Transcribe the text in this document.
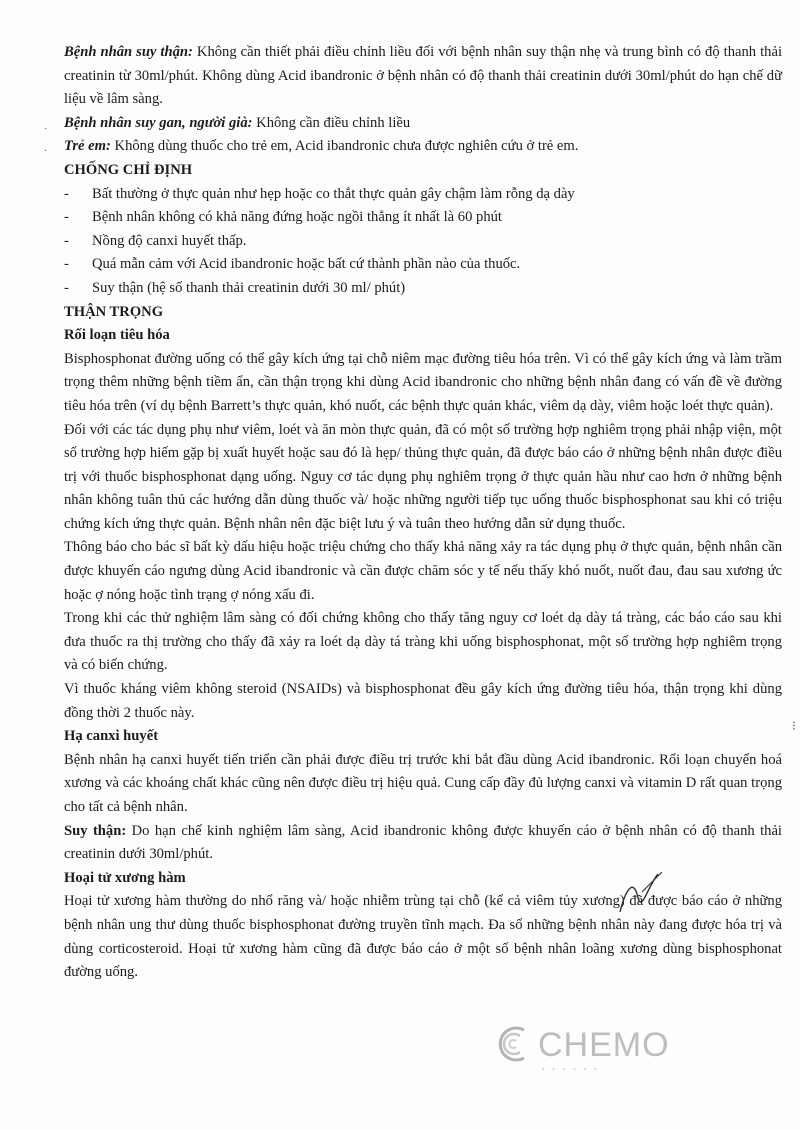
Bệnh nhân suy thận: Không cần thiết phải điều chỉnh liều đối với bệnh nhân suy thận nhẹ và trung bình có độ thanh thải creatinin từ 30ml/phút. Không dùng Acid ibandronic ở bệnh nhân có độ thanh thải creatinin dưới 30ml/phút do hạn chế dữ liệu về lâm sàng.

Bệnh nhân suy gan, người già: Không cần điều chỉnh liều

Trẻ em: Không dùng thuốc cho trẻ em, Acid ibandronic chưa được nghiên cứu ở trẻ em.

CHỐNG CHỈ ĐỊNH
- Bất thường ở thực quản như hẹp hoặc co thắt thực quản gây chậm làm rỗng dạ dày
- Bệnh nhân không có khả năng đứng hoặc ngồi thẳng ít nhất là 60 phút
- Nồng độ canxi huyết thấp.
- Quá mẫn cảm với Acid ibandronic hoặc bất cứ thành phần nào của thuốc.
- Suy thận (hệ số thanh thải creatinin dưới 30 ml/ phút)
THẬN TRỌNG
Rối loạn tiêu hóa

Bisphosphonat đường uống có thể gây kích ứng tại chỗ niêm mạc đường tiêu hóa trên. Vì có thể gây kích ứng và làm trầm trọng thêm những bệnh tiềm ẩn, cần thận trọng khi dùng Acid ibandronic cho những bệnh nhân đang có vấn đề về đường tiêu hóa trên (ví dụ bệnh Barrett’s thực quản, khó nuốt, các bệnh thực quản khác, viêm dạ dày, viêm hoặc loét thực quản).

Đối với các tác dụng phụ như viêm, loét và ăn mòn thực quản, đã có một số trường hợp nghiêm trọng phải nhập viện, một số trường hợp hiếm gặp bị xuất huyết hoặc sau đó là hẹp/ thủng thực quản, đã được báo cáo ở những bệnh nhân được điều trị với thuốc bisphosphonat dạng uống. Nguy cơ tác dụng phụ nghiêm trọng ở thực quản hầu như cao hơn ở những bệnh nhân không tuân thủ các hướng dẫn dùng thuốc và/ hoặc những người tiếp tục uống thuốc bisphosphonat sau khi có triệu chứng kích ứng thực quản. Bệnh nhân nên đặc biệt lưu ý và tuân theo hướng dẫn sử dụng thuốc.

Thông báo cho bác sĩ bất kỳ dấu hiệu hoặc triệu chứng cho thấy khả năng xảy ra tác dụng phụ ở thực quản, bệnh nhân cần được khuyến cáo ngưng dùng Acid ibandronic và cần được chăm sóc y tế nếu thấy khó nuốt, nuốt đau, đau sau xương ức hoặc ợ nóng hoặc tình trạng ợ nóng xấu đi.

Trong khi các thử nghiệm lâm sàng có đối chứng không cho thấy tăng nguy cơ loét dạ dày tá tràng, các báo cáo sau khi đưa thuốc ra thị trường cho thấy đã xảy ra loét dạ dày tá tràng khi uống bisphosphonat, một số trường hợp nghiêm trọng và có biến chứng.

Vì thuốc kháng viêm không steroid (NSAIDs) và bisphosphonat đều gây kích ứng đường tiêu hóa, thận trọng khi dùng đồng thời 2 thuốc này.

Hạ canxi huyết

Bệnh nhân hạ canxi huyết tiến triển cần phải được điều trị trước khi bắt đầu dùng Acid ibandronic. Rối loạn chuyển hoá xương và các khoáng chất khác cũng nên được điều trị hiệu quả. Cung cấp đầy đủ lượng canxi và vitamin D rất quan trọng cho tất cả bệnh nhân.

Suy thận: Do hạn chế kinh nghiệm lâm sàng, Acid ibandronic không được khuyến cáo ở bệnh nhân có độ thanh thải creatinin dưới 30ml/phút.

Hoại tử xương hàm

Hoại tử xương hàm thường do nhổ răng và/ hoặc nhiễm trùng tại chỗ (kể cả viêm tủy xương) đã được báo cáo ở những bệnh nhân ung thư dùng thuốc bisphosphonat đường truyền tĩnh mạch. Đa số những bệnh nhân này đang được hóa trị và dùng corticosteroid. Hoại tử xương hàm cũng đã được báo cáo ở một số bệnh nhân loãng xương dùng bisphosphonat đường uống.

·
·
⁝
CHEMO
▪ ▪ ▪ ▪ ▪ ▪
